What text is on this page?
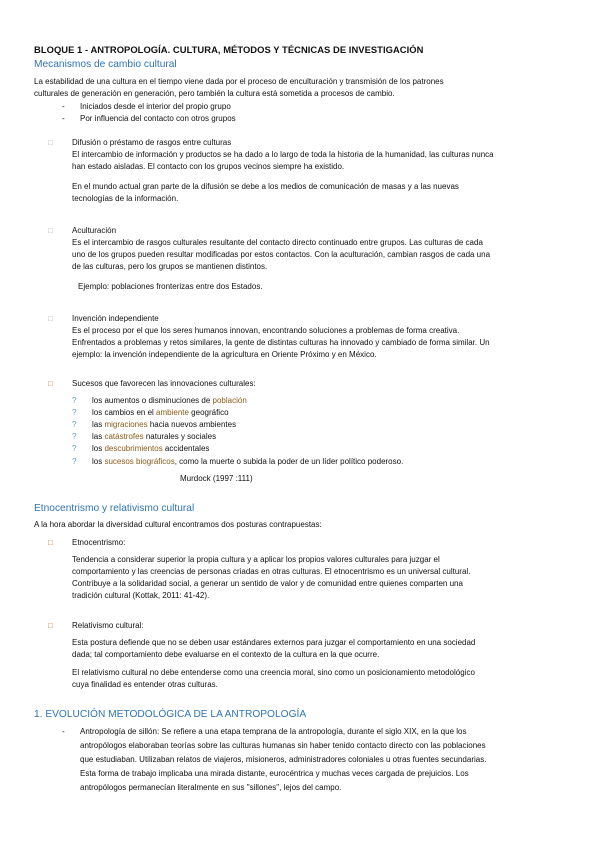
BLOQUE 1 - ANTROPOLOGÍA. CULTURA, MÉTODOS Y TÉCNICAS DE INVESTIGACIÓN
Mecanismos de cambio cultural
La estabilidad de una cultura en el tiempo viene dada por el proceso de enculturación y transmisión de los patrones
culturales de generación en generación, pero también la cultura está sometida a procesos de cambio.
- Iniciados desde el interior del propio grupo
- Por influencia del contacto con otros grupos
□ Difusión o préstamo de rasgos entre culturas
El intercambio de información y productos se ha dado a lo largo de toda la historia de la humanidad, las culturas nunca
han estado aisladas. El contacto con los grupos vecinos siempre ha existido.
En el mundo actual gran parte de la difusión se debe a los medios de comunicación de masas y a las nuevas
tecnologías de la información.
□ Aculturación
Es el intercambio de rasgos culturales resultante del contacto directo continuado entre grupos. Las culturas de cada
uno de los grupos pueden resultar modificadas por estos contactos. Con la aculturación, cambian rasgos de cada una
de las culturas, pero los grupos se mantienen distintos.
Ejemplo: poblaciones fronterizas entre dos Estados.
□ Invención independiente
Es el proceso por el que los seres humanos innovan, encontrando soluciones a problemas de forma creativa.
Enfrentados a problemas y retos similares, la gente de distintas culturas ha innovado y cambiado de forma similar. Un
ejemplo: la invención independiente de la agricultura en Oriente Próximo y en México.
□ Sucesos que favorecen las innovaciones culturales:
? los aumentos o disminuciones de población
? los cambios en el ambiente geográfico
? las migraciones hacia nuevos ambientes
? las catástrofes naturales y sociales
? los descubrimientos accidentales
? los sucesos biográficos, como la muerte o subida la poder de un líder político poderoso.
Murdock (1997 :111)
Etnocentrismo y relativismo cultural
A la hora abordar la diversidad cultural encontramos dos posturas contrapuestas:
□ Etnocentrismo:
Tendencia a considerar superior la propia cultura y a aplicar los propios valores culturales para juzgar el
comportamiento y las creencias de personas criadas en otras culturas. El etnocentrismo es un universal cultural.
Contribuye a la solidaridad social, a generar un sentido de valor y de comunidad entre quienes comparten una
tradición cultural (Kottak, 2011: 41-42).
□ Relativismo cultural:
Esta postura defiende que no se deben usar estándares externos para juzgar el comportamiento en una sociedad
dada; tal comportamiento debe evaluarse en el contexto de la cultura en la que ocurre.
El relativismo cultural no debe entenderse como una creencia moral, sino como un posicionamiento metodológico
cuya finalidad es entender otras culturas.
1. EVOLUCIÓN METODOLÓGICA DE LA ANTROPOLOGÍA
- Antropología de sillón: Se refiere a una etapa temprana de la antropología, durante el siglo XIX, en la que los
antropólogos elaboraban teorías sobre las culturas humanas sin haber tenido contacto directo con las poblaciones
que estudiaban. Utilizaban relatos de viajeros, misioneros, administradores coloniales u otras fuentes secundarias.
Esta forma de trabajo implicaba una mirada distante, eurocéntrica y muchas veces cargada de prejuicios. Los
antropólogos permanecían literalmente en sus "sillones", lejos del campo.
